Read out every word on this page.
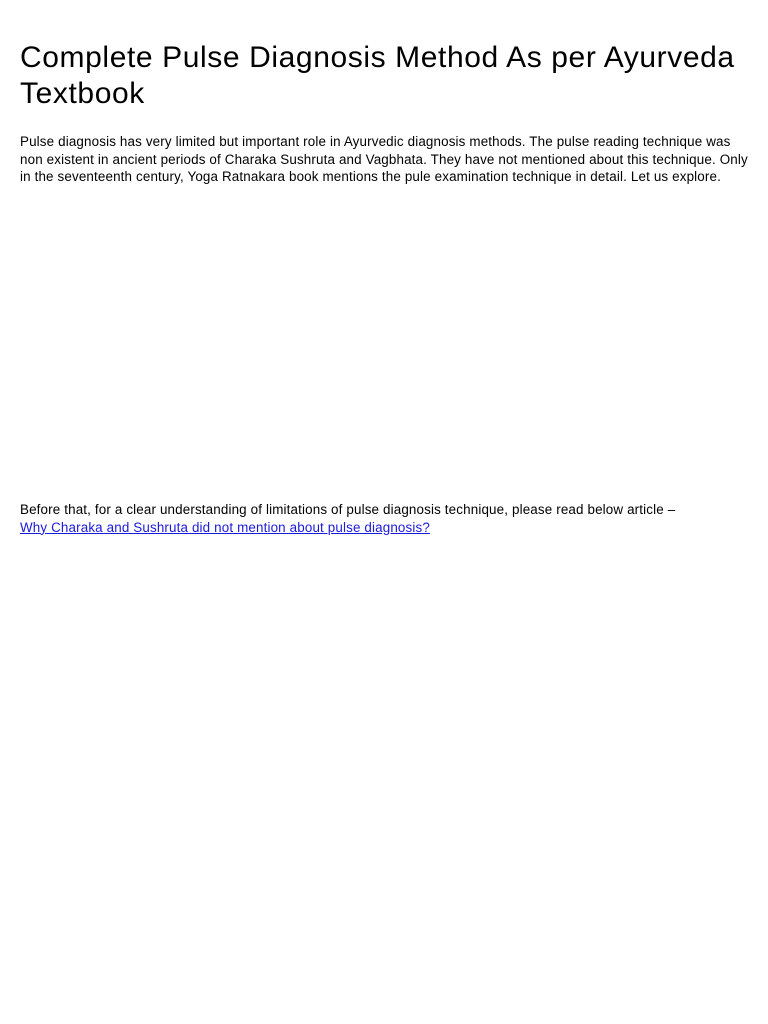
Complete Pulse Diagnosis Method As per Ayurveda Textbook

Pulse diagnosis has very limited but important role in Ayurvedic diagnosis methods. The pulse reading technique was non existent in ancient periods of Charaka Sushruta and Vagbhata. They have not mentioned about this technique. Only in the seventeenth century, Yoga Ratnakara book mentions the pule examination technique in detail. Let us explore.

Before that, for a clear understanding of limitations of pulse diagnosis technique, please read below article –
Why Charaka and Sushruta did not mention about pulse diagnosis?
